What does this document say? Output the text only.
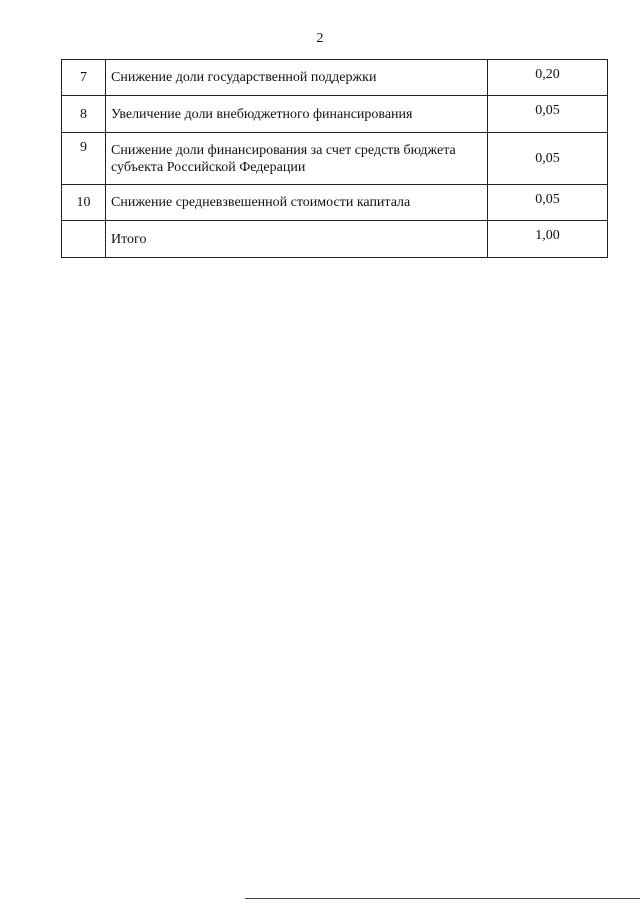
2
7	Снижение доли государственной поддержки	0,20
8	Увеличение доли внебюджетного финансирования	0,05
9	Снижение доли финансирования за счет средств бюджета субъекта Российской Федерации	0,05
10	Снижение средневзвешенной стоимости капитала	0,05
	Итого	1,00
